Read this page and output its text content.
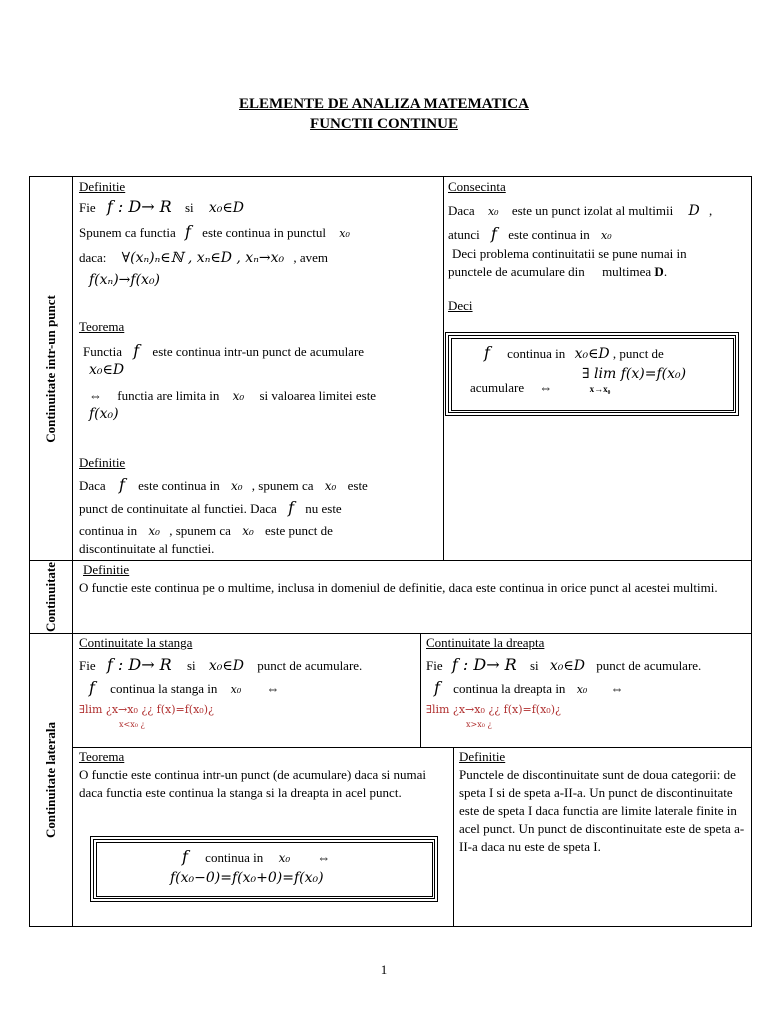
ELEMENTE DE ANALIZA MATEMATICA
FUNCTII CONTINUE
Continuitate intr-un punct
Continuitate
Continuitate laterala
Definitie
Fie f : D→ R si x₀∈D
Spunem ca functia f este continua in punctul x₀
daca: ∀(xₙ)ₙ∈ℕ , xₙ∈D , xₙ→x₀ , avem
f(xₙ)→f(x₀)
Teorema
Functia f este continua intr-un punct de acumulare
x₀∈D
⇔ functia are limita in x₀ si valoarea limitei este
f(x₀)
Definitie
Daca f este continua in x₀ , spunem ca x₀ este
punct de continuitate al functiei. Daca f nu este
continua in x₀ , spunem ca x₀ este punct de
discontinuitate al functiei.
Consecinta
Daca x₀ este un punct izolat al multimii D ,
atunci f este continua in x₀
Deci problema continuitatii se pune numai in
punctele de acumulare din multimea D.
Deci
f continua in x₀∈D , punct de
∃ lim f(x)=f(x₀)
acumulare ⇔	x→x₀
Definitie
O functie este continua pe o multime, inclusa in domeniul de definitie, daca este continua in orice punct al acestei multimi.
Continuitate la stanga
Fie f : D→ R si x₀∈D punct de acumulare.
f continua la stanga in x₀ ⇔
∃lim ¿x→x₀ ¿¿ f(x)=f(x₀)¿
x<x₀ ¿
Continuitate la dreapta
Fie f : D→ R si x₀∈D punct de acumulare.
f continua la dreapta in x₀ ⇔
∃lim ¿x→x₀ ¿¿ f(x)=f(x₀)¿
x>x₀ ¿
Teorema
O functie este continua intr-un punct (de acumulare) daca si numai daca functia este continua la stanga si la dreapta in acel punct.
f continua in x₀ ⇔
f(x₀−0)=f(x₀+0)=f(x₀)
Definitie
Punctele de discontinuitate sunt de doua categorii: de speta I si de speta a-II-a. Un punct de discontinuitate este de speta I daca functia are limite laterale finite in acel punct. Un punct de discontinuitate este de speta a-II-a daca nu este de speta I.
1
